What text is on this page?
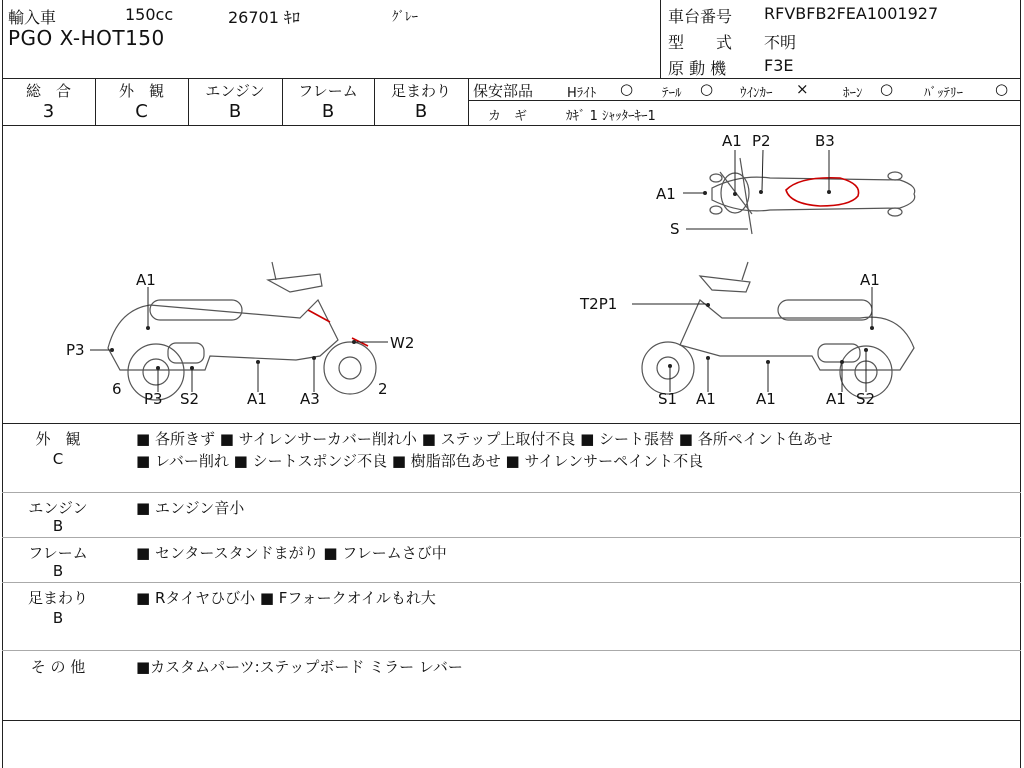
輸入車	150cc	26701 ｷﾛ	ｸﾞﾚｰ
PGO X-HOT150
車台番号 RFVBFB2FEA1001927
型　　式 不明
原 動 機 F3E
総　合
3
外　観
C
エンジン
B
フレーム
B
足まわり
B
保安部品	Hﾗｲﾄ ○ ﾃｰﾙ ○ ｳｲﾝｶｰ ×	ﾎｰﾝ ○ ﾊﾞｯﾃﾘｰ ○
カ　ギ	ｶｷﾞ 1 ｼｬｯﾀｰｷｰ1
A1 P2	B3
A1
S
A1
P3	W2
6	2
P3 S2	A1 A3
T2P1
A1
S1 A1	A1	A1 S2
外　観
C
■ 各所きず ■ サイレンサーカバー削れ小 ■ ステップ上取付不良 ■ シート張替 ■ 各所ペイント色あせ
■ レバー削れ ■ シートスポンジ不良 ■ 樹脂部色あせ ■ サイレンサーペイント不良
エンジン
B
■ エンジン音小
フレーム
B
■ センタースタンドまがり ■ フレームさび中
足まわり
B
■ Rタイヤひび小 ■ Fフォークオイルもれ大
そ の 他	■カスタムパーツ:ステップボード ミラー レバー
